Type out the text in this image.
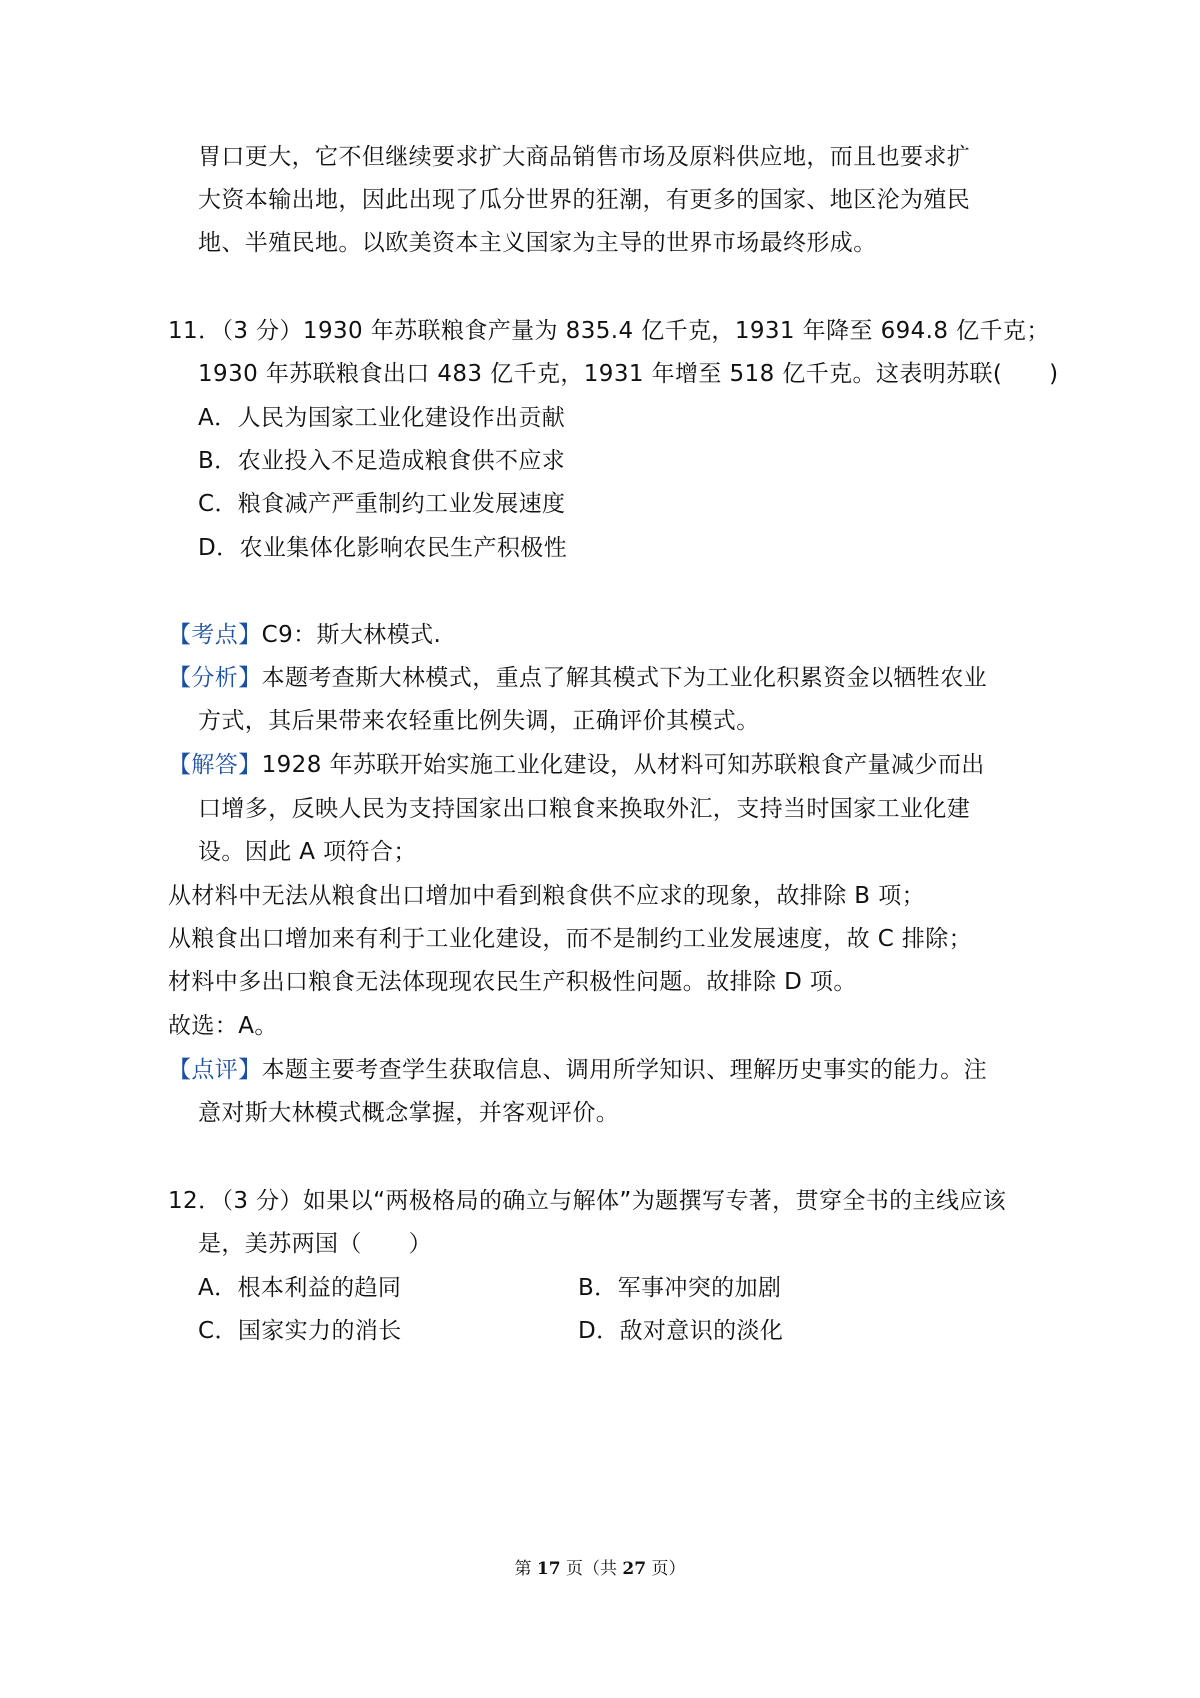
胃口更大，它不但继续要求扩大商品销售市场及原料供应地，而且也要求扩
大资本输出地，因此出现了瓜分世界的狂潮，有更多的国家、地区沦为殖民
地、半殖民地。以欧美资本主义国家为主导的世界市场最终形成。
11．（3 分）1930 年苏联粮食产量为 835.4 亿千克，1931 年降至 694.8 亿千克；
1930 年苏联粮食出口 483 亿千克，1931 年增至 518 亿千克。这表明苏联(　　)
A．人民为国家工业化建设作出贡献
B．农业投入不足造成粮食供不应求
C．粮食减产严重制约工业发展速度
D．农业集体化影响农民生产积极性
【考点】C9：斯大林模式.
【分析】本题考查斯大林模式，重点了解其模式下为工业化积累资金以牺牲农业
方式，其后果带来农轻重比例失调，正确评价其模式。
【解答】1928 年苏联开始实施工业化建设，从材料可知苏联粮食产量减少而出
口增多，反映人民为支持国家出口粮食来换取外汇，支持当时国家工业化建
设。因此 A 项符合；
从材料中无法从粮食出口增加中看到粮食供不应求的现象，故排除 B 项；
从粮食出口增加来有利于工业化建设，而不是制约工业发展速度，故 C 排除；
材料中多出口粮食无法体现现农民生产积极性问题。故排除 D 项。
故选：A。
【点评】本题主要考查学生获取信息、调用所学知识、理解历史事实的能力。注
意对斯大林模式概念掌握，并客观评价。
12．（3 分）如果以“两极格局的确立与解体”为题撰写专著，贯穿全书的主线应该
是，美苏两国（　　）
A．根本利益的趋同	B．军事冲突的加剧
C．国家实力的消长	D．敌对意识的淡化
第 17 页（共 27 页）
